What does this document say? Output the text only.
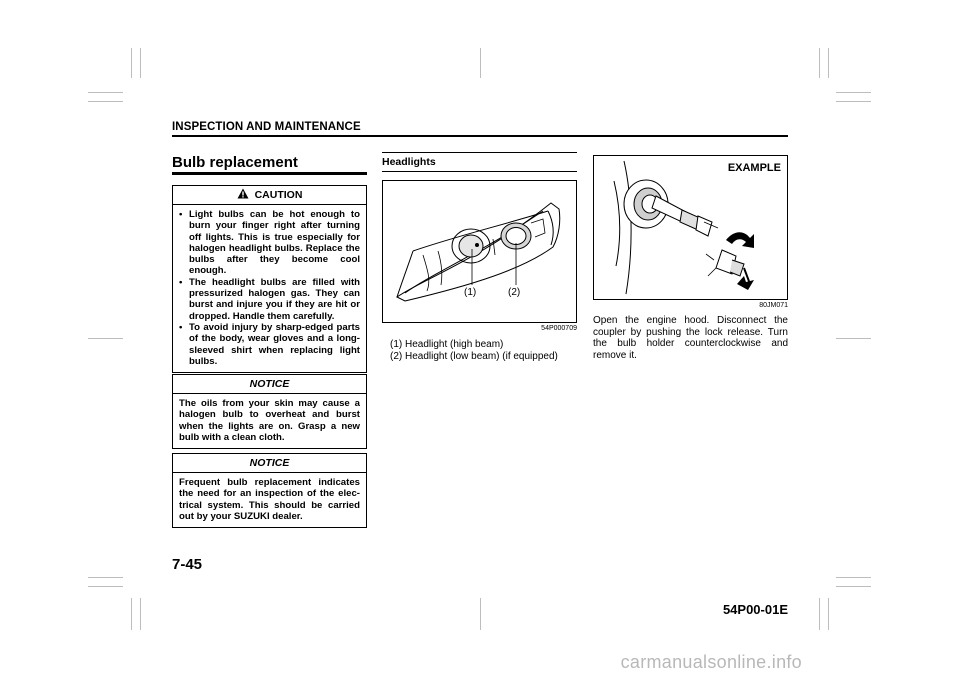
INSPECTION AND MAINTENANCE
Bulb replacement
CAUTION
• Light bulbs can be hot enough to burn your finger right after turning off lights. This is true especially for halogen headlight bulbs. Replace the bulbs after they become cool enough.
• The headlight bulbs are filled with pressurized halogen gas. They can burst and injure you if they are hit or dropped. Handle them carefully.
• To avoid injury by sharp-edged parts of the body, wear gloves and a long-sleeved shirt when replacing light bulbs.
NOTICE
The oils from your skin may cause a halogen bulb to overheat and burst when the lights are on. Grasp a new bulb with a clean cloth.
NOTICE
Frequent bulb replacement indicates the need for an inspection of the elec-trical system. This should be carried out by your SUZUKI dealer.
Headlights
(1)	(2)
54P000709
(1) Headlight (high beam)
(2) Headlight (low beam) (if equipped)
EXAMPLE
80JM071
Open the engine hood. Disconnect the coupler by pushing the lock release. Turn the bulb holder counterclockwise and remove it.
7-45
54P00-01E
carmanualsonline.info
